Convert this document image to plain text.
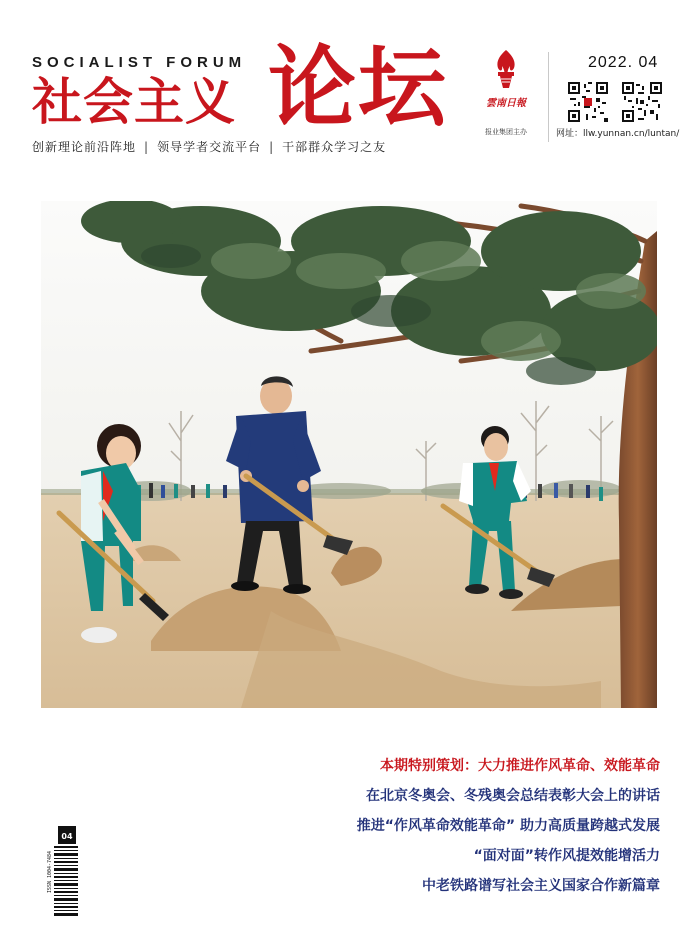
SOCIALIST FORUM
社会主义 论坛
创新理论前沿阵地 | 领导学者交流平台 | 干部群众学习之友
雲南日報
报业集团主办
2022. 04
网址：llw.yunnan.cn/luntan/
本期特别策划：大力推进作风革命、效能革命
在北京冬奥会、冬残奥会总结表彰大会上的讲话
推进“作风革命效能革命” 助力高质量跨越式发展
“面对面”转作风提效能增活力
中老铁路谱写社会主义国家合作新篇章
ISSN 1004-7484
04
